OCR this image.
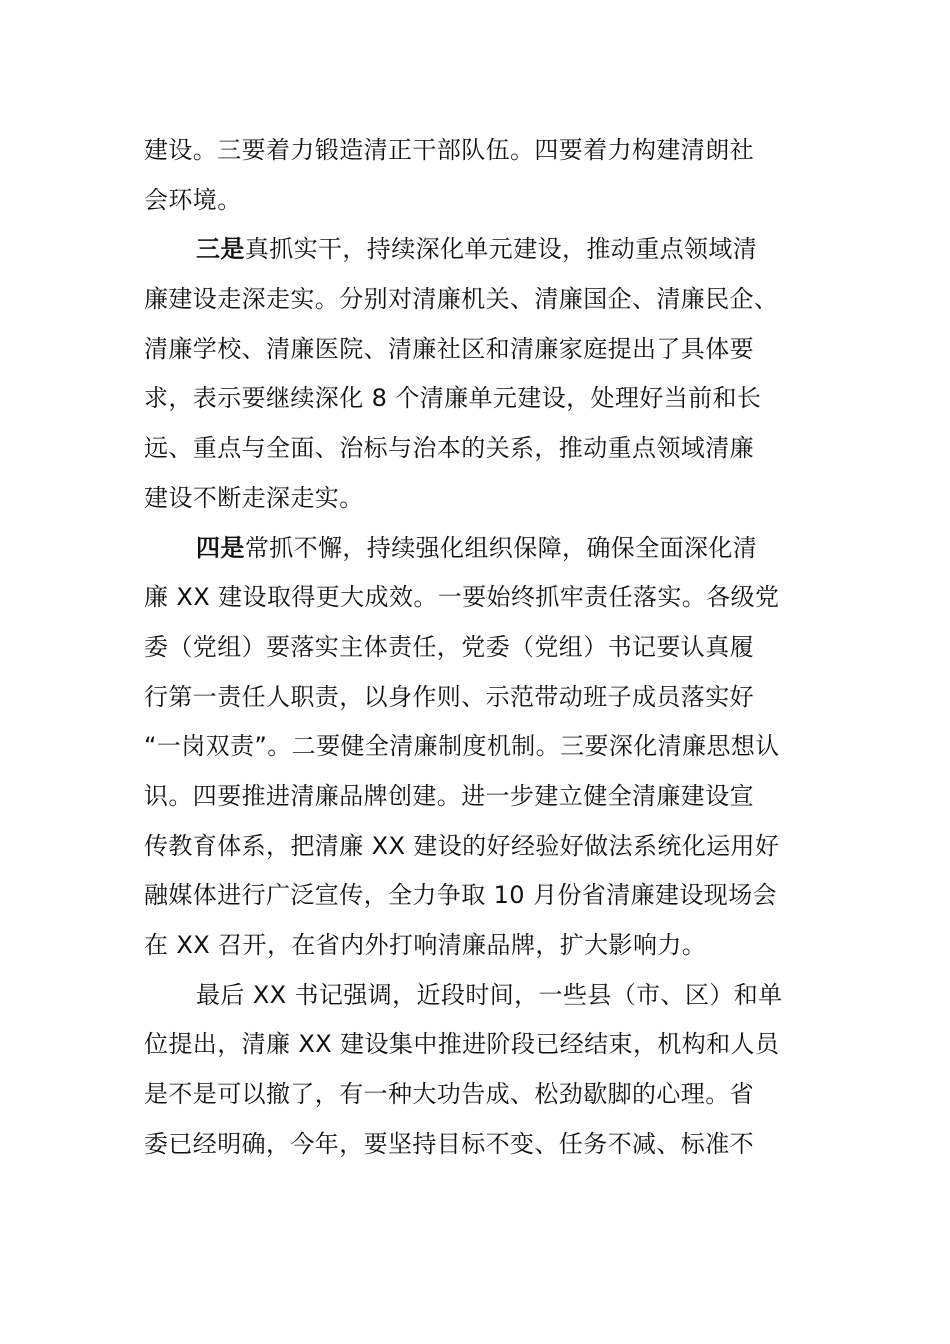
建设。三要着力锻造清正干部队伍。四要着力构建清朗社
会环境。
三是真抓实干，持续深化单元建设，推动重点领域清
廉建设走深走实。分别对清廉机关、清廉国企、清廉民企、
清廉学校、清廉医院、清廉社区和清廉家庭提出了具体要
求，表示要继续深化 8 个清廉单元建设，处理好当前和长
远、重点与全面、治标与治本的关系，推动重点领域清廉
建设不断走深走实。
四是常抓不懈，持续强化组织保障，确保全面深化清
廉 XX 建设取得更大成效。一要始终抓牢责任落实。各级党
委（党组）要落实主体责任，党委（党组）书记要认真履
行第一责任人职责，以身作则、示范带动班子成员落实好
“一岗双责”。二要健全清廉制度机制。三要深化清廉思想认
识。四要推进清廉品牌创建。进一步建立健全清廉建设宣
传教育体系，把清廉 XX 建设的好经验好做法系统化运用好
融媒体进行广泛宣传，全力争取 10 月份省清廉建设现场会
在 XX 召开，在省内外打响清廉品牌，扩大影响力。
最后 XX 书记强调，近段时间，一些县（市、区）和单
位提出，清廉 XX 建设集中推进阶段已经结束，机构和人员
是不是可以撤了，有一种大功告成、松劲歇脚的心理。省
委已经明确，今年，要坚持目标不变、任务不减、标准不
